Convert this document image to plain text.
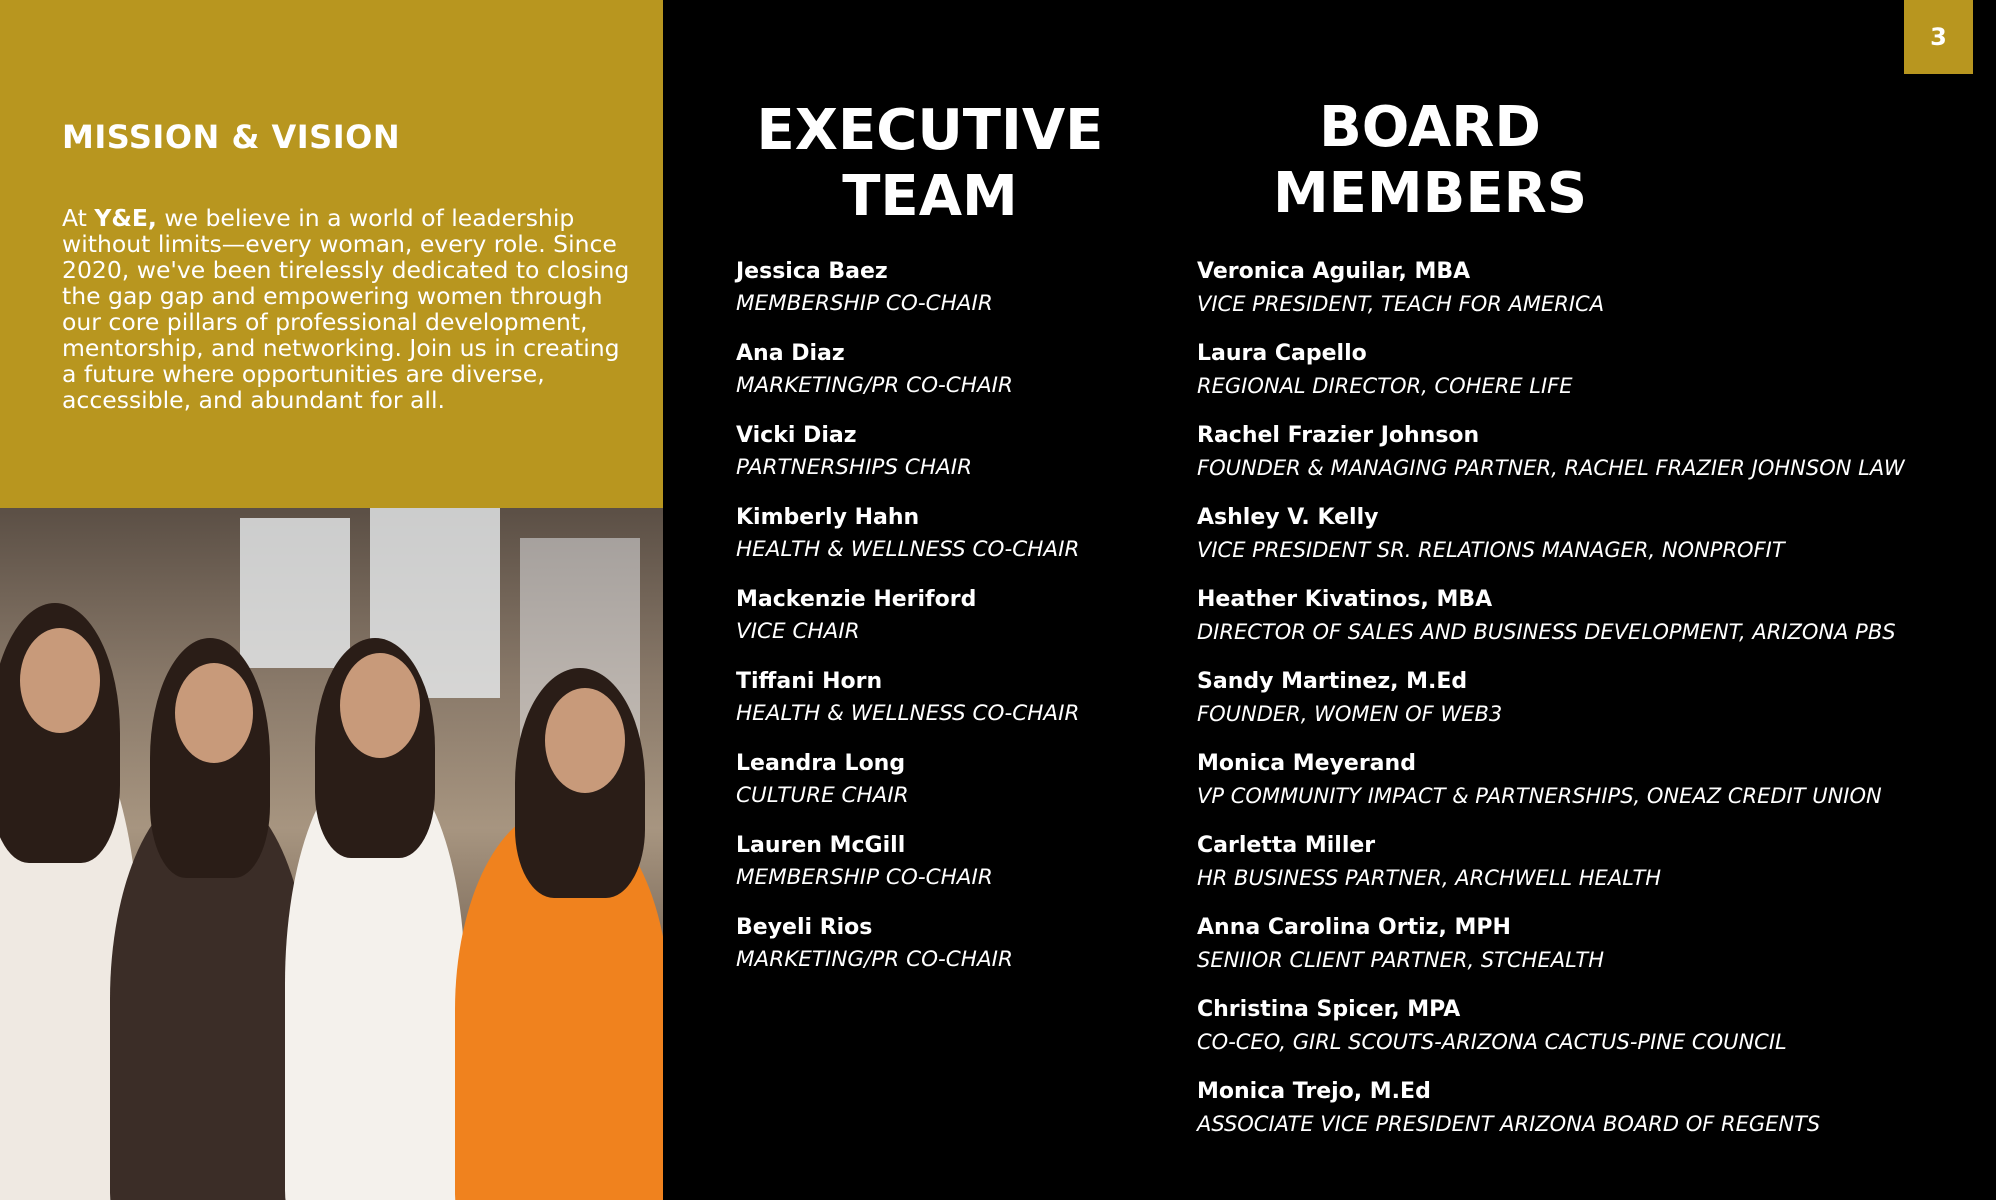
MISSION & VISION

At Y&E, we believe in a world of leadership without limits—every woman, every role. Since 2020, we've been tirelessly dedicated to closing the gap gap and empowering women through our core pillars of professional development, mentorship, and networking. Join us in creating a future where opportunities are diverse, accessible, and abundant for all.

3
EXECUTIVE
TEAM
BOARD
MEMBERS
Jessica Baez
MEMBERSHIP CO-CHAIR
Ana Diaz
MARKETING/PR CO-CHAIR
Vicki Diaz
PARTNERSHIPS CHAIR
Kimberly Hahn
HEALTH & WELLNESS CO-CHAIR
Mackenzie Heriford
VICE CHAIR
Tiffani Horn
HEALTH & WELLNESS CO-CHAIR
Leandra Long
CULTURE CHAIR
Lauren McGill
MEMBERSHIP CO-CHAIR
Beyeli Rios
MARKETING/PR CO-CHAIR
Veronica Aguilar, MBA
VICE PRESIDENT, TEACH FOR AMERICA
Laura Capello
REGIONAL DIRECTOR, COHERE LIFE
Rachel Frazier Johnson
FOUNDER & MANAGING PARTNER, RACHEL FRAZIER JOHNSON LAW
Ashley V. Kelly
VICE PRESIDENT SR. RELATIONS MANAGER, NONPROFIT
Heather Kivatinos, MBA
DIRECTOR OF SALES AND BUSINESS DEVELOPMENT, ARIZONA PBS
Sandy Martinez, M.Ed
FOUNDER, WOMEN OF WEB3
Monica Meyerand
VP COMMUNITY IMPACT & PARTNERSHIPS, ONEAZ CREDIT UNION
Carletta Miller
HR BUSINESS PARTNER, ARCHWELL HEALTH
Anna Carolina Ortiz, MPH
SENIIOR CLIENT PARTNER, STCHEALTH
Christina Spicer, MPA
CO-CEO, GIRL SCOUTS-ARIZONA CACTUS-PINE COUNCIL
Monica Trejo, M.Ed
ASSOCIATE VICE PRESIDENT ARIZONA BOARD OF REGENTS
